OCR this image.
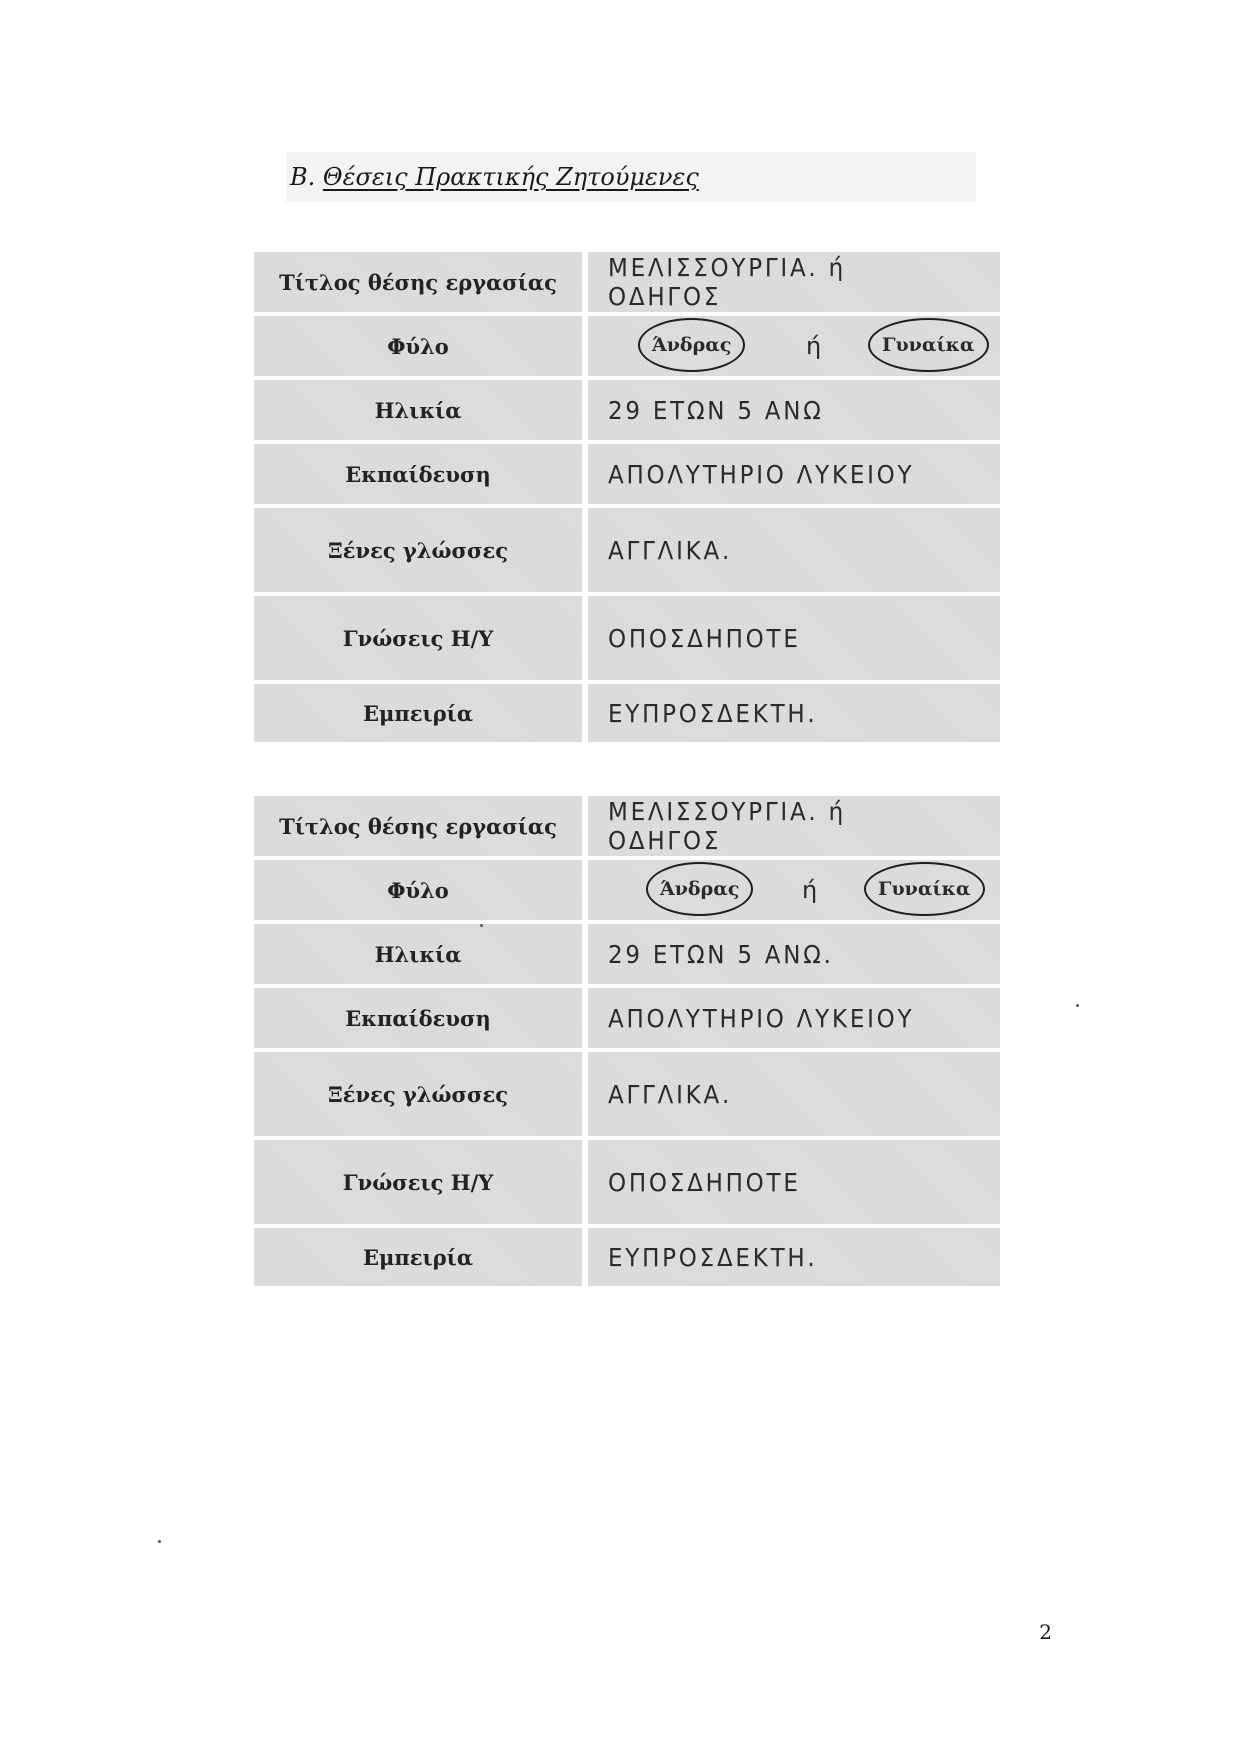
Β. Θέσεις Πρακτικής Ζητούμενες
Τίτλος θέσης εργασίας		ΜΕΛΙΣΣΟΥΡΓΙΑ. ή ΟΔΗΓΟΣ
Φύλο		Άνδρας ή Γυναίκα

Ηλικία		29 ΕΤΩΝ 5 ΑΝΩ
Εκπαίδευση		ΑΠΟΛΥΤΗΡΙΟ ΛΥΚΕΙΟΥ
Ξένες γλώσσες		ΑΓΓΛΙΚΑ.
Γνώσεις Η/Υ		ΟΠΟΣΔΗΠΟΤΕ
Εμπειρία		ΕΥΠΡΟΣΔΕΚΤΗ.
Τίτλος θέσης εργασίας		ΜΕΛΙΣΣΟΥΡΓΙΑ. ή ΟΔΗΓΟΣ
Φύλο		Άνδρας ή Γυναίκα

Ηλικία		29 ΕΤΩΝ 5 ΑΝΩ.
Εκπαίδευση		ΑΠΟΛΥΤΗΡΙΟ ΛΥΚΕΙΟΥ
Ξένες γλώσσες		ΑΓΓΛΙΚΑ.
Γνώσεις Η/Υ		ΟΠΟΣΔΗΠΟΤΕ
Εμπειρία		ΕΥΠΡΟΣΔΕΚΤΗ.
2
